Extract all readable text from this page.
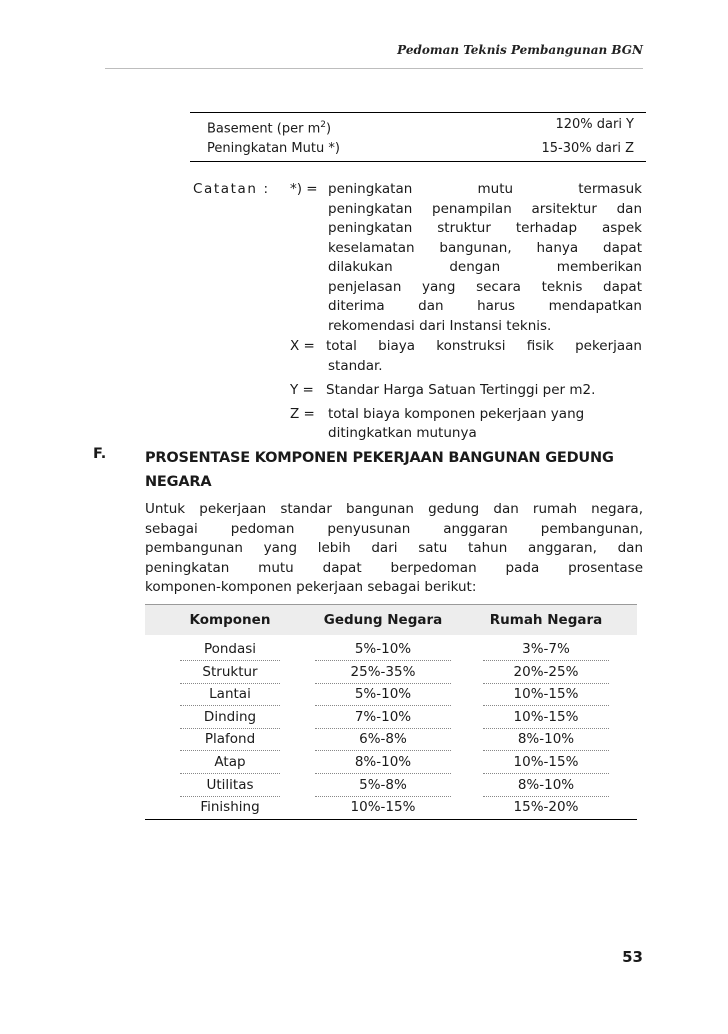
Pedoman Teknis Pembangunan BGN
Basement (per $m^2$)	120% dari Y
Peningkatan Mutu *)	15-30% dari Z
Catatan : *) = peningkatan mutu termasuk
peningkatan penampilan arsitektur dan
peningkatan struktur terhadap aspek
keselamatan bangunan, hanya dapat
dilakukan dengan memberikan
penjelasan yang secara teknis dapat
diterima dan harus mendapatkan
rekomendasi dari Instansi teknis.
X = total biaya konstruksi fisik pekerjaan
standar.
Y = Standar Harga Satuan Tertinggi per m2.
Z = total biaya komponen pekerjaan yang
ditingkatkan mutunya
F.	PROSENTASE KOMPONEN PEKERJAAN BANGUNAN GEDUNG NEGARA
Untuk pekerjaan standar bangunan gedung dan rumah negara,
sebagai pedoman penyusunan anggaran pembangunan,
pembangunan yang lebih dari satu tahun anggaran, dan
peningkatan mutu dapat berpedoman pada prosentase
komponen-komponen pekerjaan sebagai berikut:
Komponen	Gedung Negara	Rumah Negara
Pondasi	5%-10%	3%-7%
Struktur	25%-35%	20%-25%
Lantai	5%-10%	10%-15%
Dinding	7%-10%	10%-15%
Plafond	6%-8%	8%-10%
Atap	8%-10%	10%-15%
Utilitas	5%-8%	8%-10%
Finishing	10%-15%	15%-20%
53
